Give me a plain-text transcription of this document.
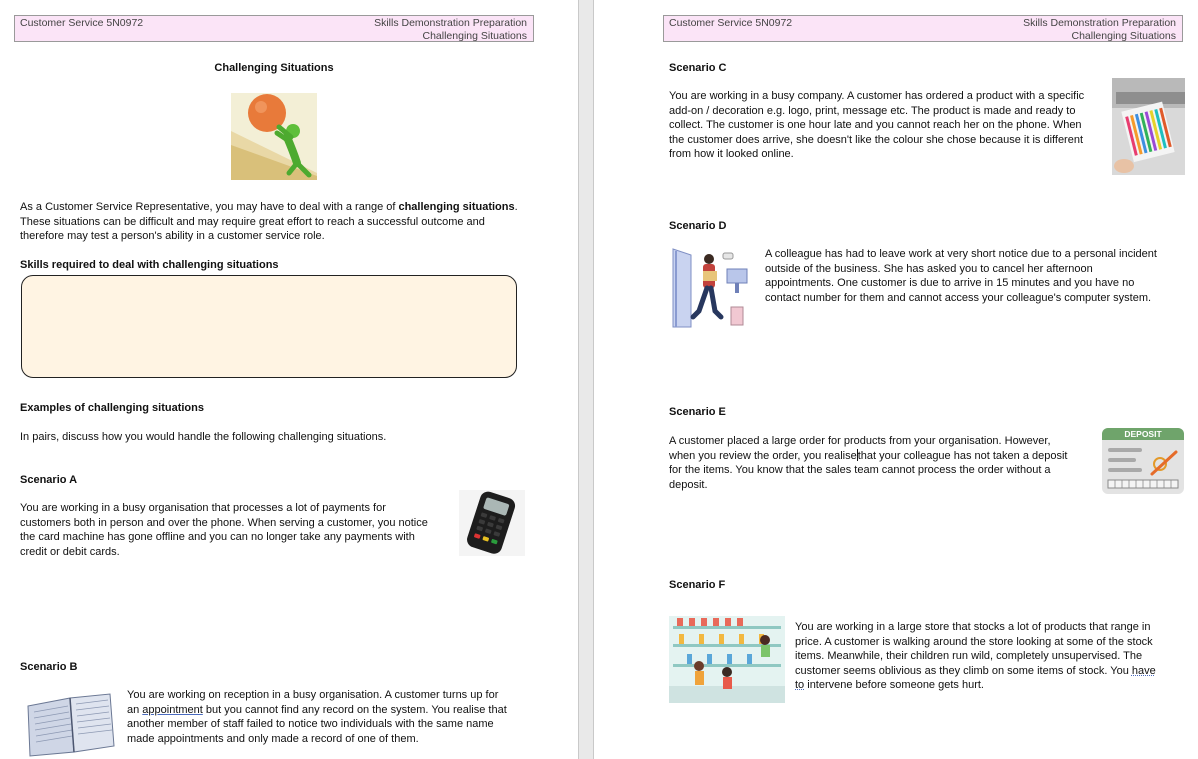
Customer Service 5N0972	Skills Demonstration Preparation
Challenging Situations
Challenging Situations
As a Customer Service Representative, you may have to deal with a range of challenging situations.
These situations can be difficult and may require great effort to reach a successful outcome and
therefore may test a person's ability in a customer service role.
Skills required to deal with challenging situations
Examples of challenging situations
In pairs, discuss how you would handle the following challenging situations.
Scenario A
You are working in a busy organisation that processes a lot of payments for
customers both in person and over the phone. When serving a customer, you notice
the card machine has gone offline and you can no longer take any payments with
credit or debit cards.
Scenario B
You are working on reception in a busy organisation. A customer turns up for
an appointment but you cannot find any record on the system. You realise that
another member of staff failed to notice two individuals with the same name
made appointments and only made a record of one of them.
Customer Service 5N0972	Skills Demonstration Preparation
Challenging Situations
Scenario C
You are working in a busy company. A customer has ordered a product with a specific
add-on / decoration e.g. logo, print, message etc. The product is made and ready to
collect. The customer is one hour late and you cannot reach her on the phone. When
the customer does arrive, she doesn't like the colour she chose because it is different
from how it looked online.
Scenario D
A colleague has had to leave work at very short notice due to a personal incident
outside of the business. She has asked you to cancel her afternoon
appointments. One customer is due to arrive in 15 minutes and you have no
contact number for them and cannot access your colleague's computer system.
Scenario E
A customer placed a large order for products from your organisation. However,
when you review the order, you realisethat your colleague has not taken a deposit
for the items. You know that the sales team cannot process the order without a
deposit.
DEPOSIT
Scenario F
You are working in a large store that stocks a lot of products that range in
price. A customer is walking around the store looking at some of the stock
items. Meanwhile, their children run wild, completely unsupervised. The
customer seems oblivious as they climb on some items of stock. You have
to intervene before someone gets hurt.
